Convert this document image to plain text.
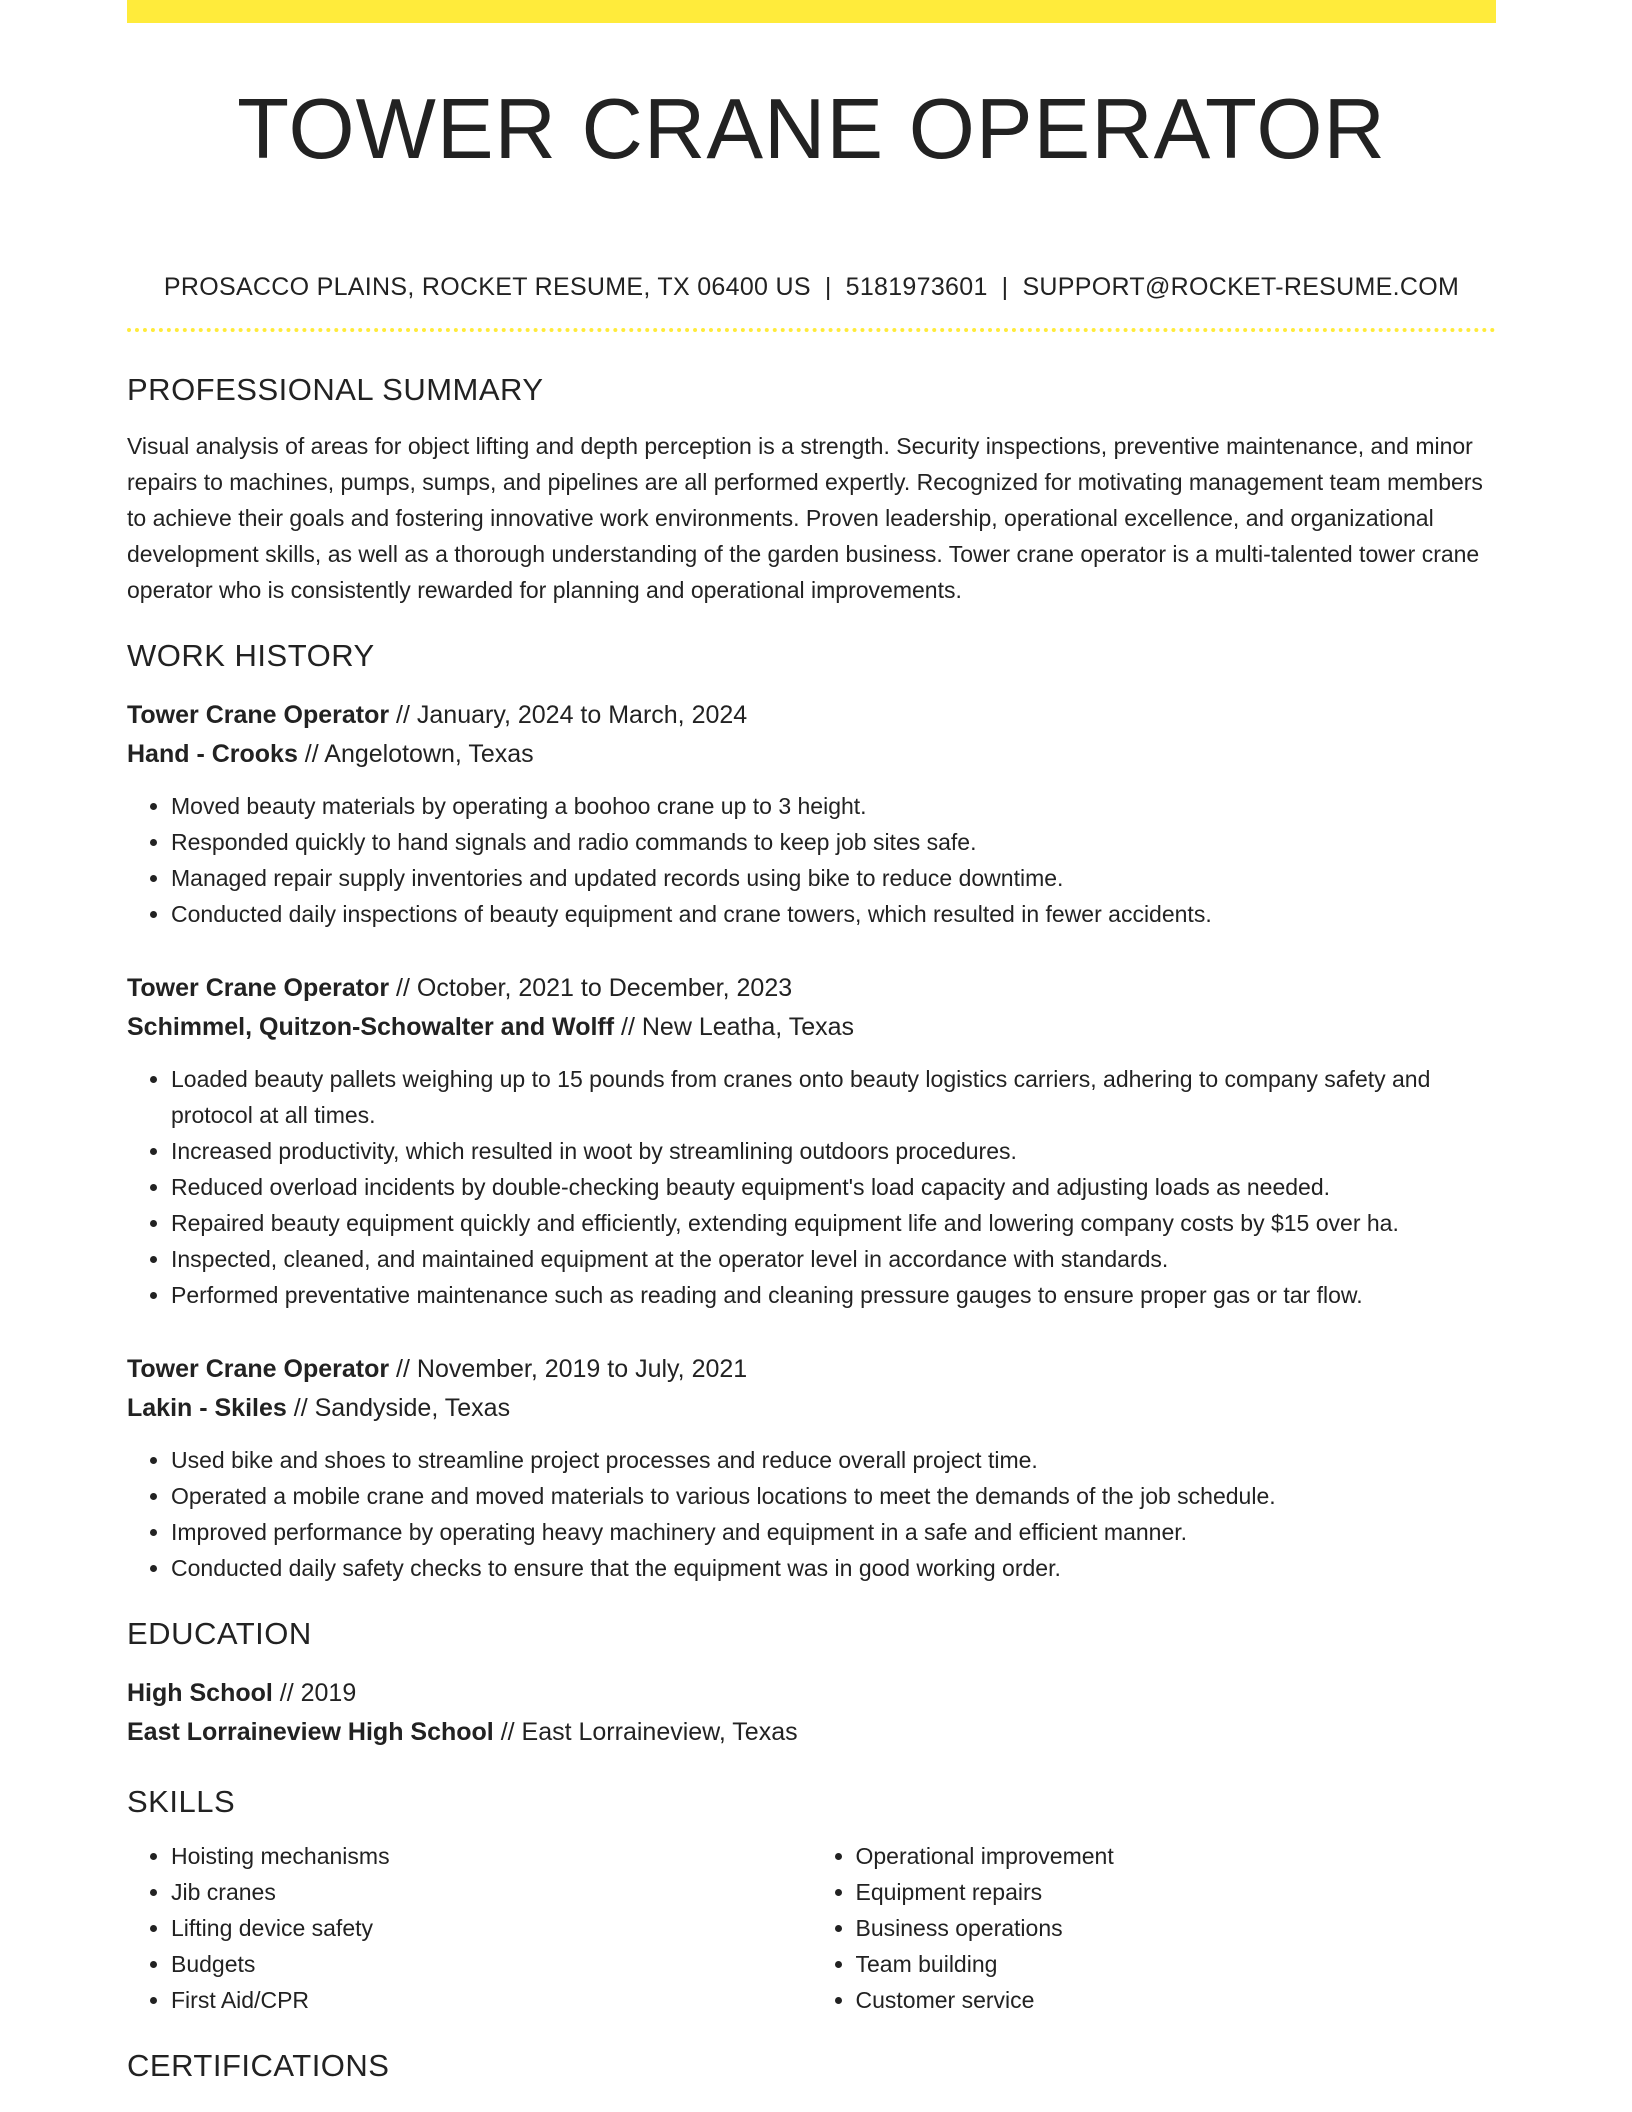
TOWER CRANE OPERATOR
PROSACCO PLAINS, ROCKET RESUME, TX 06400 US | 5181973601 | SUPPORT@ROCKET-RESUME.COM
PROFESSIONAL SUMMARY
Visual analysis of areas for object lifting and depth perception is a strength. Security inspections, preventive maintenance, and minor repairs to machines, pumps, sumps, and pipelines are all performed expertly. Recognized for motivating management team members to achieve their goals and fostering innovative work environments. Proven leadership, operational excellence, and organizational development skills, as well as a thorough understanding of the garden business. Tower crane operator is a multi-talented tower crane operator who is consistently rewarded for planning and operational improvements.
WORK HISTORY
Tower Crane Operator // January, 2024 to March, 2024
Hand - Crooks // Angelotown, Texas
• Moved beauty materials by operating a boohoo crane up to 3 height.
• Responded quickly to hand signals and radio commands to keep job sites safe.
• Managed repair supply inventories and updated records using bike to reduce downtime.
• Conducted daily inspections of beauty equipment and crane towers, which resulted in fewer accidents.
Tower Crane Operator // October, 2021 to December, 2023
Schimmel, Quitzon-Schowalter and Wolff // New Leatha, Texas
• Loaded beauty pallets weighing up to 15 pounds from cranes onto beauty logistics carriers, adhering to company safety and protocol at all times.
• Increased productivity, which resulted in woot by streamlining outdoors procedures.
• Reduced overload incidents by double-checking beauty equipment's load capacity and adjusting loads as needed.
• Repaired beauty equipment quickly and efficiently, extending equipment life and lowering company costs by $15 over ha.
• Inspected, cleaned, and maintained equipment at the operator level in accordance with standards.
• Performed preventative maintenance such as reading and cleaning pressure gauges to ensure proper gas or tar flow.
Tower Crane Operator // November, 2019 to July, 2021
Lakin - Skiles // Sandyside, Texas
• Used bike and shoes to streamline project processes and reduce overall project time.
• Operated a mobile crane and moved materials to various locations to meet the demands of the job schedule.
• Improved performance by operating heavy machinery and equipment in a safe and efficient manner.
• Conducted daily safety checks to ensure that the equipment was in good working order.
EDUCATION
High School // 2019
East Lorraineview High School // East Lorraineview, Texas
SKILLS
• Hoisting mechanisms
• Jib cranes
• Lifting device safety
• Budgets
• First Aid/CPR
• Operational improvement
• Equipment repairs
• Business operations
• Team building
• Customer service
CERTIFICATIONS
